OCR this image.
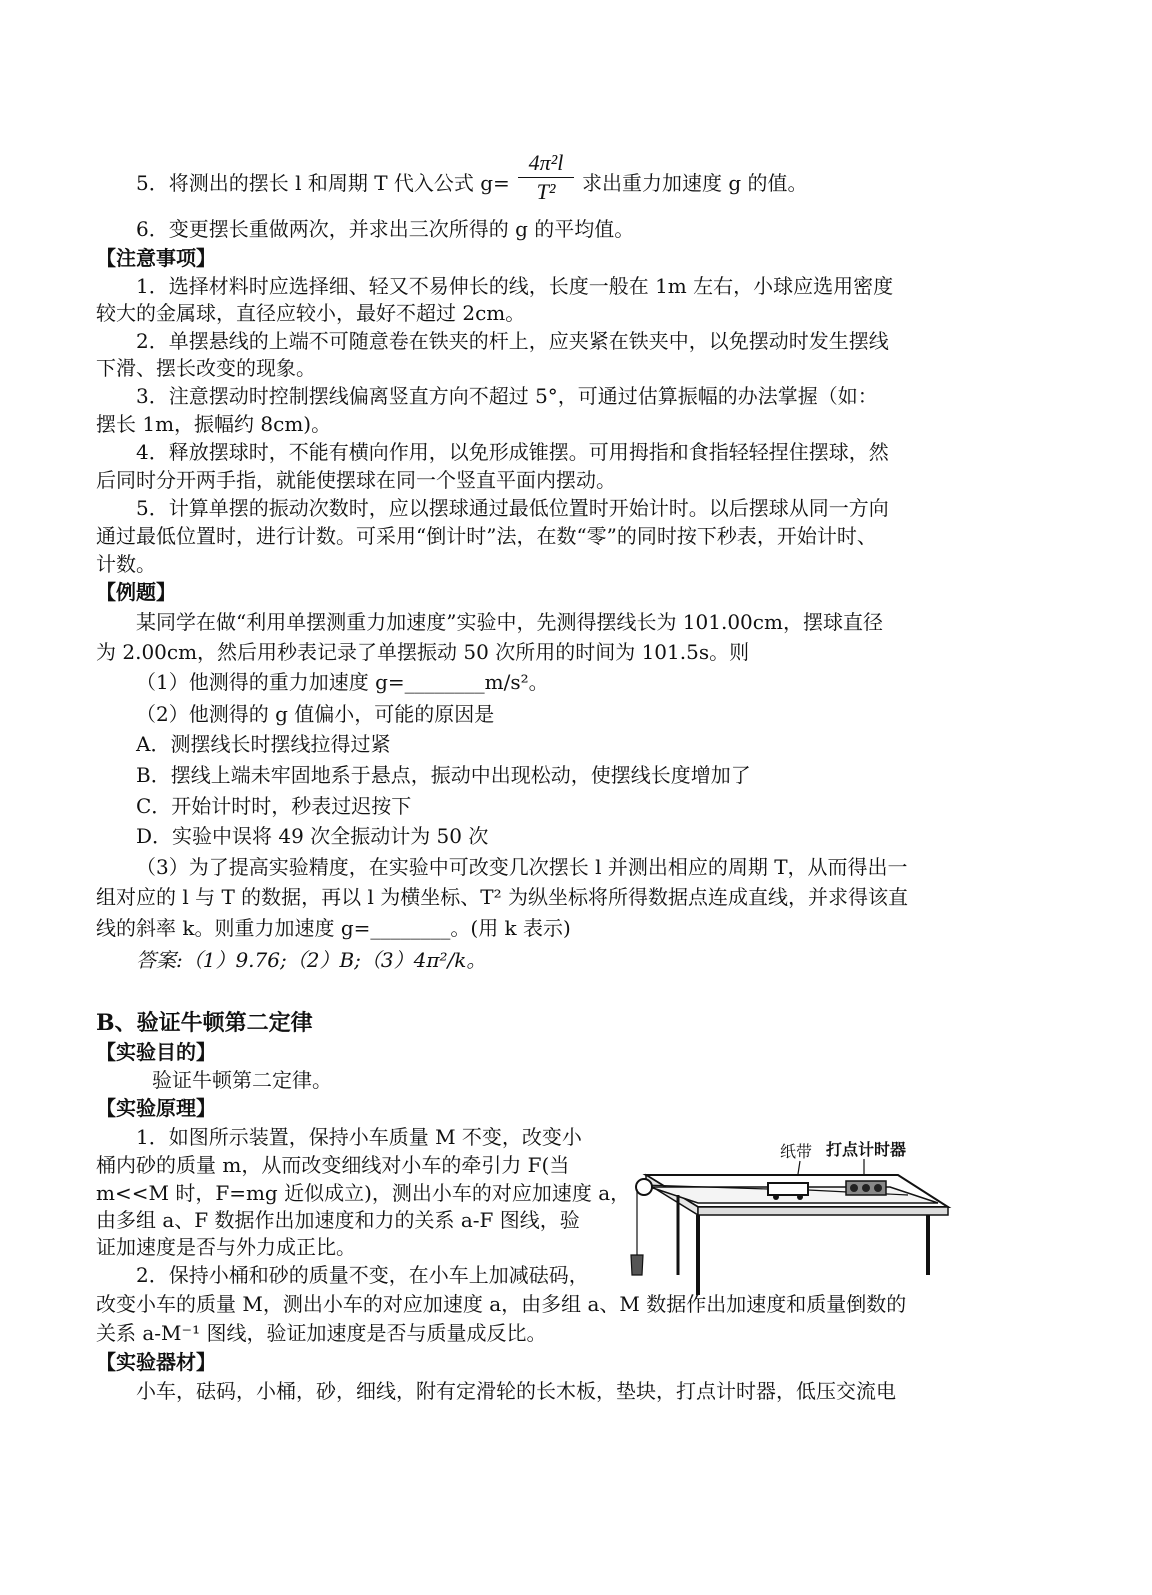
5．将测出的摆长 l 和周期 T 代入公式 g=
4π²l
T²	求出重力加速度 g 的值。
6．变更摆长重做两次，并求出三次所得的 g 的平均值。
【注意事项】
1．选择材料时应选择细、轻又不易伸长的线，长度一般在 1m 左右，小球应选用密度
较大的金属球，直径应较小，最好不超过 2cm。
2．单摆悬线的上端不可随意卷在铁夹的杆上，应夹紧在铁夹中，以免摆动时发生摆线
下滑、摆长改变的现象。
3．注意摆动时控制摆线偏离竖直方向不超过 5°，可通过估算振幅的办法掌握（如：
摆长 1m，振幅约 8cm)。
4．释放摆球时，不能有横向作用，以免形成锥摆。可用拇指和食指轻轻捏住摆球，然
后同时分开两手指，就能使摆球在同一个竖直平面内摆动。
5．计算单摆的振动次数时，应以摆球通过最低位置时开始计时。以后摆球从同一方向
通过最低位置时，进行计数。可采用“倒计时”法，在数“零”的同时按下秒表，开始计时、
计数。
【例题】
某同学在做“利用单摆测重力加速度”实验中，先测得摆线长为 101.00cm，摆球直径
为 2.00cm，然后用秒表记录了单摆振动 50 次所用的时间为 101.5s。则
（1）他测得的重力加速度 g=________m/s²。
（2）他测得的 g 值偏小，可能的原因是
A．测摆线长时摆线拉得过紧
B．摆线上端未牢固地系于悬点，振动中出现松动，使摆线长度增加了
C．开始计时时，秒表过迟按下
D．实验中误将 49 次全振动计为 50 次
（3）为了提高实验精度，在实验中可改变几次摆长 l 并测出相应的周期 T，从而得出一
组对应的 l 与 T 的数据，再以 l 为横坐标、T² 为纵坐标将所得数据点连成直线，并求得该直
线的斜率 k。则重力加速度 g=________。(用 k 表示)
答案:（1）9.76;（2）B;（3）4π²/k。
B、验证牛顿第二定律
【实验目的】
验证牛顿第二定律。
【实验原理】
1．如图所示装置，保持小车质量 M 不变，改变小
桶内砂的质量 m，从而改变细线对小车的牵引力 F(当
m<<M 时，F=mg 近似成立)，测出小车的对应加速度 a，
由多组 a、F 数据作出加速度和力的关系 a-F 图线，验
证加速度是否与外力成正比。
2．保持小桶和砂的质量不变，在小车上加减砝码，
改变小车的质量 M，测出小车的对应加速度 a，由多组 a、M 数据作出加速度和质量倒数的
关系 a-M⁻¹ 图线，验证加速度是否与质量成反比。
【实验器材】
小车，砝码，小桶，砂，细线，附有定滑轮的长木板，垫块，打点计时器，低压交流电
纸带 打点计时器
